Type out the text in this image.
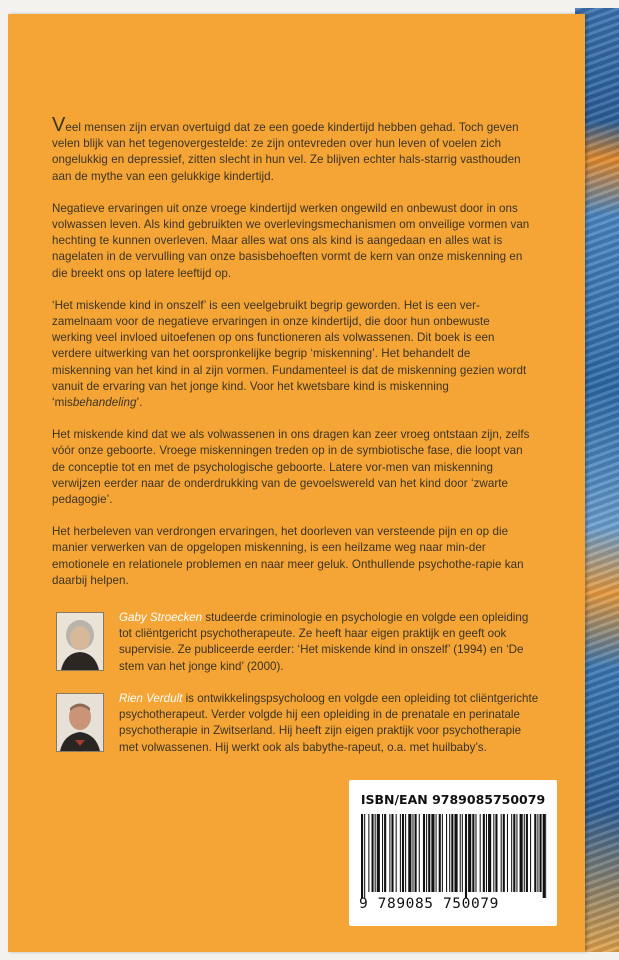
Veel mensen zijn ervan overtuigd dat ze een goede kindertijd hebben gehad. Toch geven velen blijk van het tegenovergestelde: ze zijn ontevreden over hun leven of voelen zich ongelukkig en depressief, zitten slecht in hun vel. Ze blijven echter hals-starrig vasthouden aan de mythe van een gelukkige kindertijd.

Negatieve ervaringen uit onze vroege kindertijd werken ongewild en onbewust door in ons volwassen leven. Als kind gebruikten we overlevingsmechanismen om onveilige vormen van hechting te kunnen overleven. Maar alles wat ons als kind is aangedaan en alles wat is nagelaten in de vervulling van onze basisbehoeften vormt de kern van onze miskenning en die breekt ons op latere leeftijd op.

‘Het miskende kind in onszelf’ is een veelgebruikt begrip geworden. Het is een ver-zamelnaam voor de negatieve ervaringen in onze kindertijd, die door hun onbewuste werking veel invloed uitoefenen op ons functioneren als volwassenen. Dit boek is een verdere uitwerking van het oorspronkelijke begrip ‘miskenning’. Het behandelt de miskenning van het kind in al zijn vormen. Fundamenteel is dat de miskenning gezien wordt vanuit de ervaring van het jonge kind. Voor het kwetsbare kind is miskenning ‘misbehandeling’.

Het miskende kind dat we als volwassenen in ons dragen kan zeer vroeg ontstaan zijn, zelfs vóór onze geboorte. Vroege miskenningen treden op in de symbiotische fase, die loopt van de conceptie tot en met de psychologische geboorte. Latere vor-men van miskenning verwijzen eerder naar de onderdrukking van de gevoelswereld van het kind door ‘zwarte pedagogie’.

Het herbeleven van verdrongen ervaringen, het doorleven van versteende pijn en op die manier verwerken van de opgelopen miskenning, is een heilzame weg naar min-der emotionele en relationele problemen en naar meer geluk. Onthullende psychothe-rapie kan daarbij helpen.

Gaby Stroecken studeerde criminologie en psychologie en volgde een opleiding tot cliëntgericht psychotherapeute. Ze heeft haar eigen praktijk en geeft ook supervisie. Ze publiceerde eerder: ‘Het miskende kind in onszelf’ (1994) en ‘De stem van het jonge kind’ (2000).
Rien Verdult is ontwikkelingspsycholoog en volgde een opleiding tot cliëntgerichte psychotherapeut. Verder volgde hij een opleiding in de prenatale en perinatale psychotherapie in Zwitserland. Hij heeft zijn eigen praktijk voor psychotherapie met volwassenen. Hij werkt ook als babythe-rapeut, o.a. met huilbaby’s.
ISBN/EAN 9789085750079
9 789085 750079
